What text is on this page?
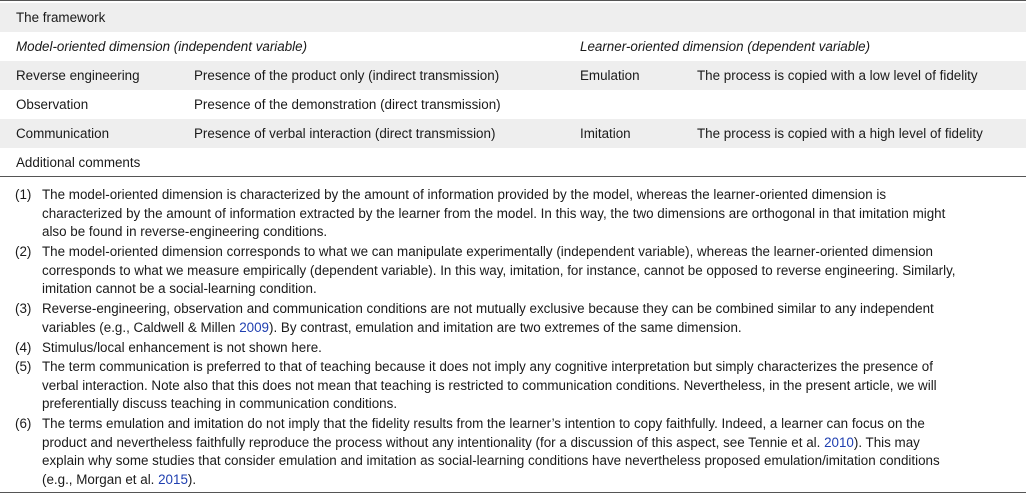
The framework
Model-oriented dimension (independent variable)	Learner-oriented dimension (dependent variable)
Reverse engineering	Presence of the product only (indirect transmission)	Emulation	The process is copied with a low level of fidelity
Observation	Presence of the demonstration (direct transmission)
Communication	Presence of verbal interaction (direct transmission)	Imitation	The process is copied with a high level of fidelity
Additional comments
(1) The model-oriented dimension is characterized by the amount of information provided by the model, whereas the learner-oriented dimension is
characterized by the amount of information extracted by the learner from the model. In this way, the two dimensions are orthogonal in that imitation might
also be found in reverse-engineering conditions.
(2) The model-oriented dimension corresponds to what we can manipulate experimentally (independent variable), whereas the learner-oriented dimension
corresponds to what we measure empirically (dependent variable). In this way, imitation, for instance, cannot be opposed to reverse engineering. Similarly,
imitation cannot be a social-learning condition.
(3) Reverse-engineering, observation and communication conditions are not mutually exclusive because they can be combined similar to any independent
variables (e.g., Caldwell & Millen 2009). By contrast, emulation and imitation are two extremes of the same dimension.
(4) Stimulus/local enhancement is not shown here.
(5) The term communication is preferred to that of teaching because it does not imply any cognitive interpretation but simply characterizes the presence of
verbal interaction. Note also that this does not mean that teaching is restricted to communication conditions. Nevertheless, in the present article, we will
preferentially discuss teaching in communication conditions.
(6) The terms emulation and imitation do not imply that the fidelity results from the learner’s intention to copy faithfully. Indeed, a learner can focus on the
product and nevertheless faithfully reproduce the process without any intentionality (for a discussion of this aspect, see Tennie et al. 2010). This may
explain why some studies that consider emulation and imitation as social-learning conditions have nevertheless proposed emulation/imitation conditions
(e.g., Morgan et al. 2015).
